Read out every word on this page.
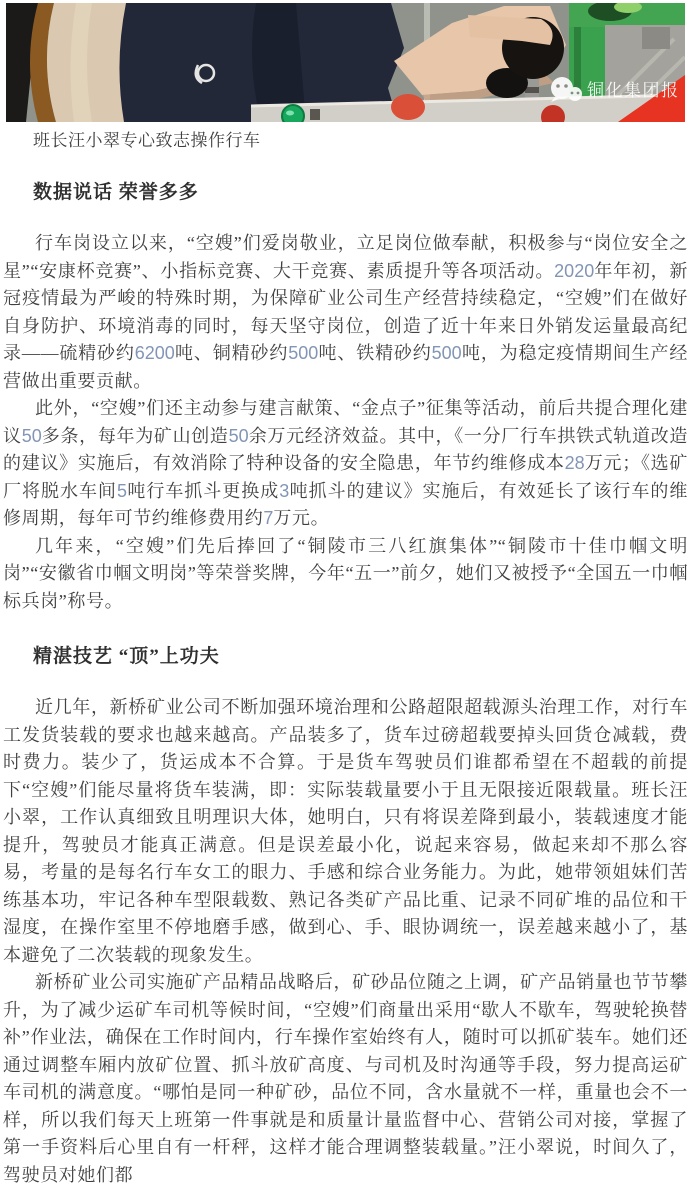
铜化集团报

班长汪小翠专心致志操作行车

数据说话 荣誉多多

行车岗设立以来，“空嫂”们爱岗敬业，立足岗位做奉献，积极参与“岗位安全之星”“安康杯竞赛”、小指标竞赛、大干竞赛、素质提升等各项活动。2020年年初，新冠疫情最为严峻的特殊时期，为保障矿业公司生产经营持续稳定，“空嫂”们在做好自身防护、环境消毒的同时，每天坚守岗位，创造了近十年来日外销发运量最高纪录——硫精砂约6200吨、铜精砂约500吨、铁精砂约500吨，为稳定疫情期间生产经营做出重要贡献。

此外，“空嫂”们还主动参与建言献策、“金点子”征集等活动，前后共提合理化建议50多条，每年为矿山创造50余万元经济效益。其中，《一分厂行车拱铁式轨道改造的建议》实施后，有效消除了特种设备的安全隐患，年节约维修成本28万元；《选矿厂将脱水车间5吨行车抓斗更换成3吨抓斗的建议》实施后，有效延长了该行车的维修周期，每年可节约维修费用约7万元。

几年来，“空嫂”们先后捧回了“铜陵市三八红旗集体”“铜陵市十佳巾帼文明岗”“安徽省巾帼文明岗”等荣誉奖牌，今年“五一”前夕，她们又被授予“全国五一巾帼标兵岗”称号。

精湛技艺 “顶”上功夫

近几年，新桥矿业公司不断加强环境治理和公路超限超载源头治理工作，对行车工发货装载的要求也越来越高。产品装多了，货车过磅超载要掉头回货仓减载，费时费力。装少了，货运成本不合算。于是货车驾驶员们谁都希望在不超载的前提下“空嫂”们能尽量将货车装满，即：实际装载量要小于且无限接近限载量。班长汪小翠，工作认真细致且明理识大体，她明白，只有将误差降到最小，装载速度才能提升，驾驶员才能真正满意。但是误差最小化，说起来容易，做起来却不那么容易，考量的是每名行车女工的眼力、手感和综合业务能力。为此，她带领姐妹们苦练基本功，牢记各种车型限载数、熟记各类矿产品比重、记录不同矿堆的品位和干湿度，在操作室里不停地磨手感，做到心、手、眼协调统一，误差越来越小了，基本避免了二次装载的现象发生。

新桥矿业公司实施矿产品精品战略后，矿砂品位随之上调，矿产品销量也节节攀升，为了减少运矿车司机等候时间，“空嫂”们商量出采用“歇人不歇车，驾驶轮换替补”作业法，确保在工作时间内，行车操作室始终有人，随时可以抓矿装车。她们还通过调整车厢内放矿位置、抓斗放矿高度、与司机及时沟通等手段，努力提高运矿车司机的满意度。“哪怕是同一种矿砂，品位不同，含水量就不一样，重量也会不一样，所以我们每天上班第一件事就是和质量计量监督中心、营销公司对接，掌握了第一手资料后心里自有一杆秤，这样才能合理调整装载量。”汪小翠说，时间久了，驾驶员对她们都
